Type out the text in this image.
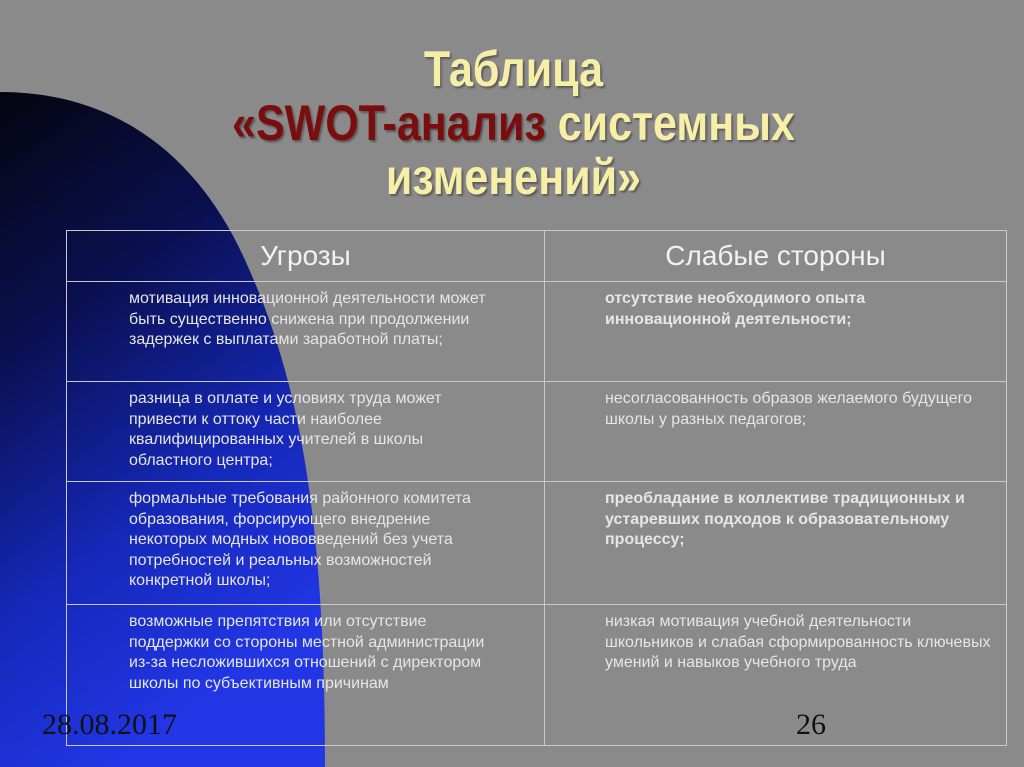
Таблица
«SWOT-анализ системных
изменений»
Угрозы	Слабые стороны

мотивация инновационной деятельности может быть существенно снижена при продолжении задержек с выплатами заработной платы;	отсутствие необходимого опыта инновационной деятельности;

разница в оплате и условиях труда может привести к оттоку части наиболее квалифицированных учителей в школы областного центра;	несогласованность образов желаемого будущего школы у разных педагогов;

формальные требования районного комитета образования, форсирующего внедрение некоторых модных нововведений без учета потребностей и реальных возможностей конкретной школы;	преобладание в коллективе традиционных и устаревших подходов к образовательному процессу;

возможные препятствия или отсутствие поддержки со стороны местной администрации из-за несложившихся отношений с директором школы по субъективным причинам	низкая мотивация учебной деятельности школьников и слабая сформированность ключевых умений и навыков учебного труда
28.08.2017	26
